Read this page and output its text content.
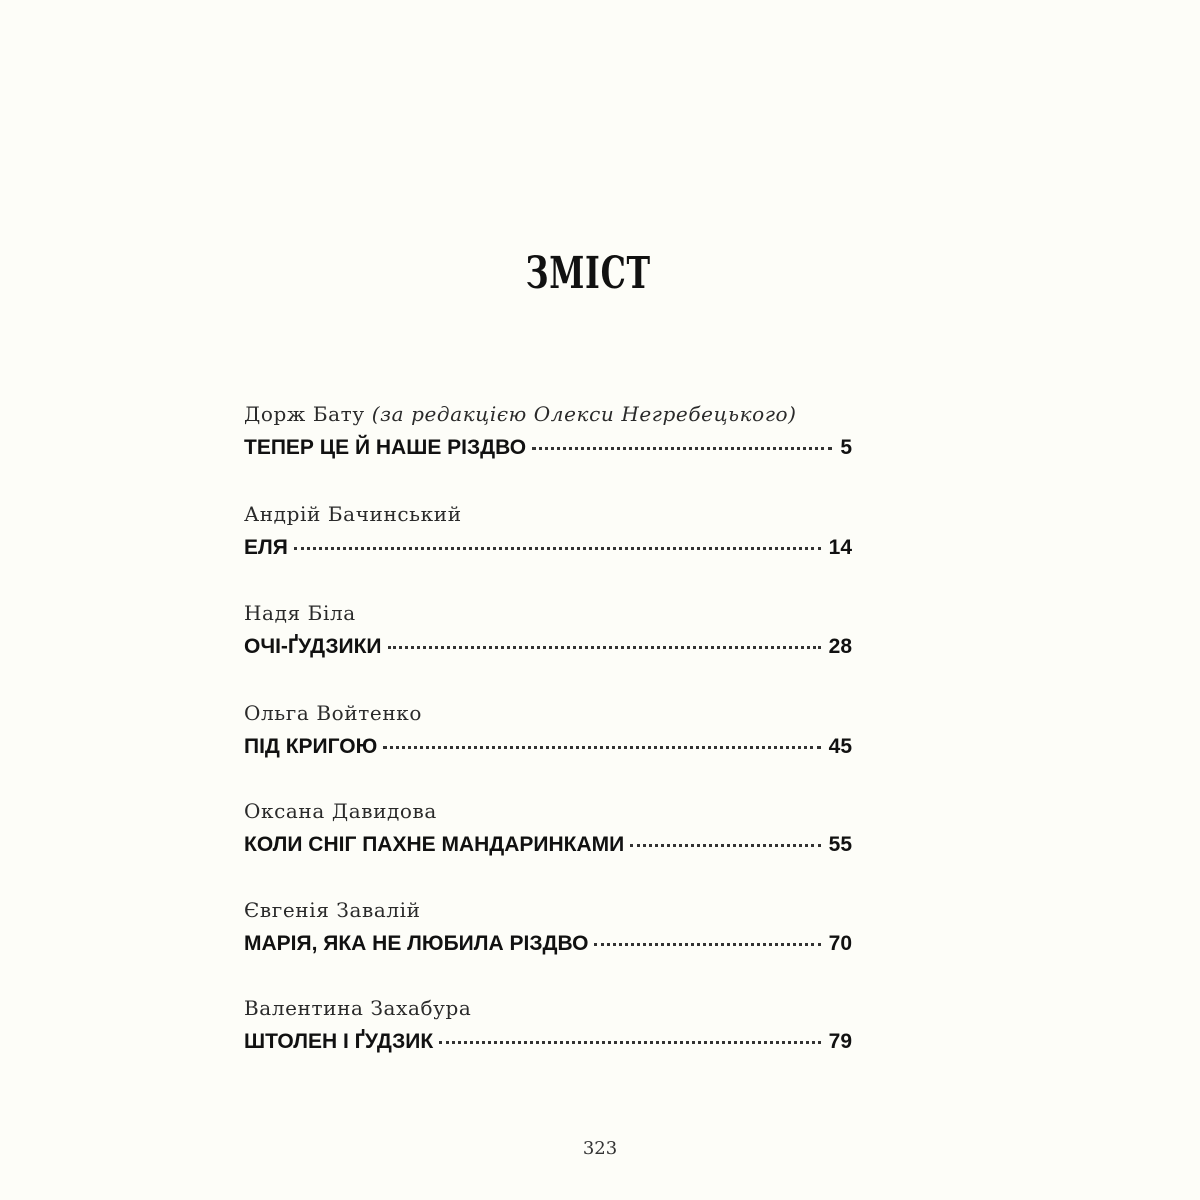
ЗМІСТ
Дорж Бату (за редакцією Олекси Негребецького)
ТЕПЕР ЦЕ Й НАШЕ РІЗДВО	5
Андрій Бачинський
ЕЛЯ	14
Надя Біла
ОЧІ-ҐУДЗИКИ	28
Ольга Войтенко
ПІД КРИГОЮ	45
Оксана Давидова
КОЛИ СНІГ ПАХНЕ МАНДАРИНКАМИ	55
Євгенія Завалій
МАРІЯ, ЯКА НЕ ЛЮБИЛА РІЗДВО	70
Валентина Захабура
ШТОЛЕН І ҐУДЗИК	79
323
